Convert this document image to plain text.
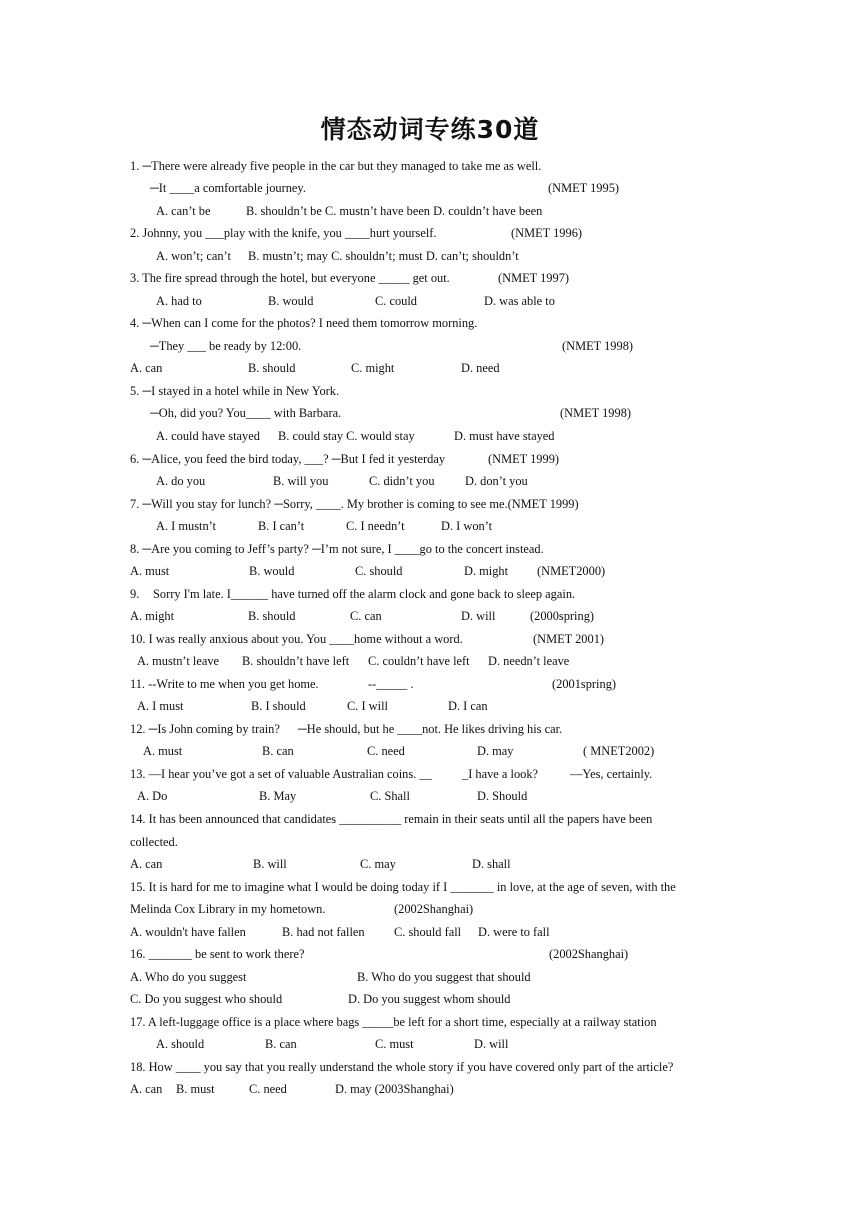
情态动词专练30道
1. ─There were already five people in the car but they managed to take me as well.
─It ____a comfortable journey.	(NMET 1995)
A. can’t be	B. shouldn’t be C. mustn’t have been D. couldn’t have been
2. Johnny, you ___play with the knife, you ____hurt yourself.	(NMET 1996)
A. won’t; can’t B. mustn’t; may C. shouldn’t; must D. can’t; shouldn’t
3. The fire spread through the hotel, but everyone _____ get out.	(NMET 1997)
A. had to	B. would	C. could	D. was able to
4. ─When can I come for the photos? I need them tomorrow morning.
─They ___ be ready by 12:00.	(NMET 1998)
A. can	B. should	C. might	D. need
5. ─I stayed in a hotel while in New York.
─Oh, did you? You____ with Barbara.	(NMET 1998)
A. could have stayed B. could stay C. would stay	D. must have stayed
6. ─Alice, you feed the bird today, ___? ─But I fed it yesterday	(NMET 1999)
A. do you	B. will you	C. didn’t you D. don’t you
7. ─Will you stay for lunch? ─Sorry, ____. My brother is coming to see me.(NMET 1999)
A. I mustn’t	B. I can’t	C. I needn’t	D. I won’t
8. ─Are you coming to Jeff’s party? ─I’m not sure, I ____go to the concert instead.
A. must	B. would	C. should	D. might (NMET2000)
9. Sorry I'm late. I______ have turned off the alarm clock and gone back to sleep again.
A. might	B. should	C. can	D. will	(2000spring)
10. I was really anxious about you. You ____home without a word.	(NMET 2001)
A. mustn’t leave B. shouldn’t have left C. couldn’t have left D. needn’t leave
11. --Write to me when you get home.	--_____ .	(2001spring)
A. I must	B. I should	C. I will	D. I can
12. ─Is John coming by train? ─He should, but he ____not. He likes driving his car.
A. must	B. can	C. need	D. may	( MNET2002)
13. —I hear you’ve got a set of valuable Australian coins. __ _I have a look?	—Yes, certainly.
A. Do	B. May	C. Shall	D. Should
14. It has been announced that candidates __________ remain in their seats until all the papers have been
collected.
A. can	B. will	C. may	D. shall
15. It is hard for me to imagine what I would be doing today if I _______ in love, at the age of seven, with the
Melinda Cox Library in my hometown.	(2002Shanghai)
A. wouldn't have fallen	B. had not fallen C. should fall D. were to fall
16. _______ be sent to work there?	(2002Shanghai)
A. Who do you suggest	B. Who do you suggest that should
C. Do you suggest who should	D. Do you suggest whom should
17. A left-luggage office is a place where bags _____be left for a short time, especially at a railway station
A. should	B. can	C. must	D. will
18. How ____ you say that you really understand the whole story if you have covered only part of the article?
A. can B. must	C. need	D. may (2003Shanghai)
